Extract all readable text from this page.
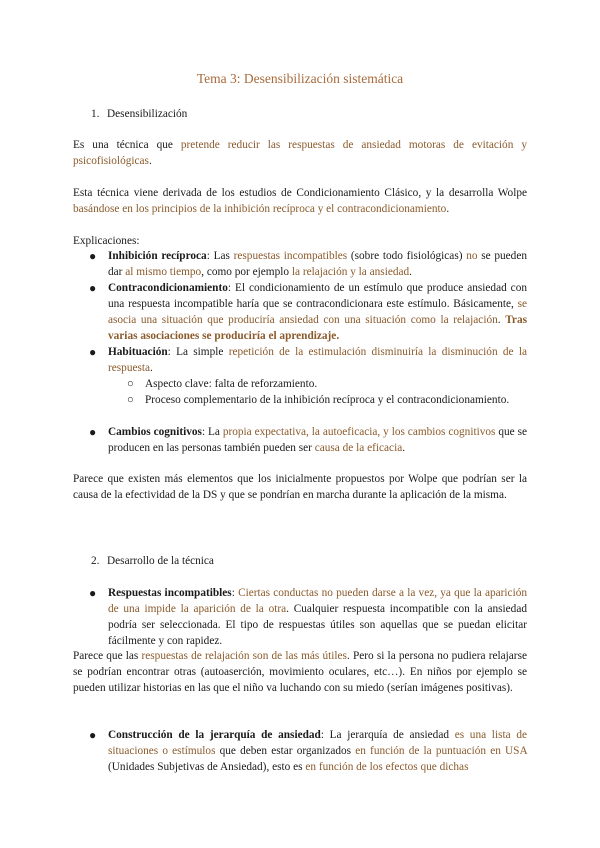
Tema 3: Desensibilización sistemática
1. Desensibilización
Es una técnica que pretende reducir las respuestas de ansiedad motoras de evitación y psicofisiológicas.
Esta técnica viene derivada de los estudios de Condicionamiento Clásico, y la desarrolla Wolpe basándose en los principios de la inhibición recíproca y el contracondicionamiento.
Explicaciones:
● Inhibición recíproca: Las respuestas incompatibles (sobre todo fisiológicas) no se pueden dar al mismo tiempo, como por ejemplo la relajación y la ansiedad.
● Contracondicionamiento: El condicionamiento de un estímulo que produce ansiedad con una respuesta incompatible haría que se contracondicionara este estímulo. Básicamente, se asocia una situación que produciría ansiedad con una situación como la relajación. Tras varias asociaciones se produciría el aprendizaje.
● Habituación: La simple repetición de la estimulación disminuiría la disminución de la respuesta.
○ Aspecto clave: falta de reforzamiento.
○ Proceso complementario de la inhibición recíproca y el contracondicionamiento.
● Cambios cognitivos: La propia expectativa, la autoeficacia, y los cambios cognitivos que se producen en las personas también pueden ser causa de la eficacia.
Parece que existen más elementos que los inicialmente propuestos por Wolpe que podrían ser la causa de la efectividad de la DS y que se pondrían en marcha durante la aplicación de la misma.
2. Desarrollo de la técnica
● Respuestas incompatibles: Ciertas conductas no pueden darse a la vez, ya que la aparición de una impide la aparición de la otra. Cualquier respuesta incompatible con la ansiedad podría ser seleccionada. El tipo de respuestas útiles son aquellas que se puedan elicitar fácilmente y con rapidez.
Parece que las respuestas de relajación son de las más útiles. Pero si la persona no pudiera relajarse se podrían encontrar otras (autoaserción, movimiento oculares, etc…). En niños por ejemplo se pueden utilizar historias en las que el niño va luchando con su miedo (serían imágenes positivas).
● Construcción de la jerarquía de ansiedad: La jerarquía de ansiedad es una lista de situaciones o estímulos que deben estar organizados en función de la puntuación en USA (Unidades Subjetivas de Ansiedad), esto es en función de los efectos que dichas
